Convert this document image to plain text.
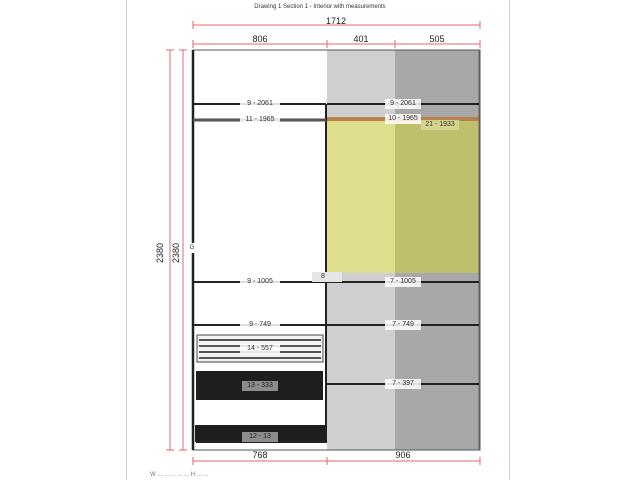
Drawing 1 Section 1 - Interior with measurements
1712
806	401	505
768	906
2380 2380
9 - 2061
11 - 1965
9 - 1005
9 - 749
14 - 557
13 - 333
12 - 13
9 - 2061
10 - 1965
21 - 1933
7 - 1005
7 - 749
7 - 397
8
G
W ... ... ... ... ... H ... ...
